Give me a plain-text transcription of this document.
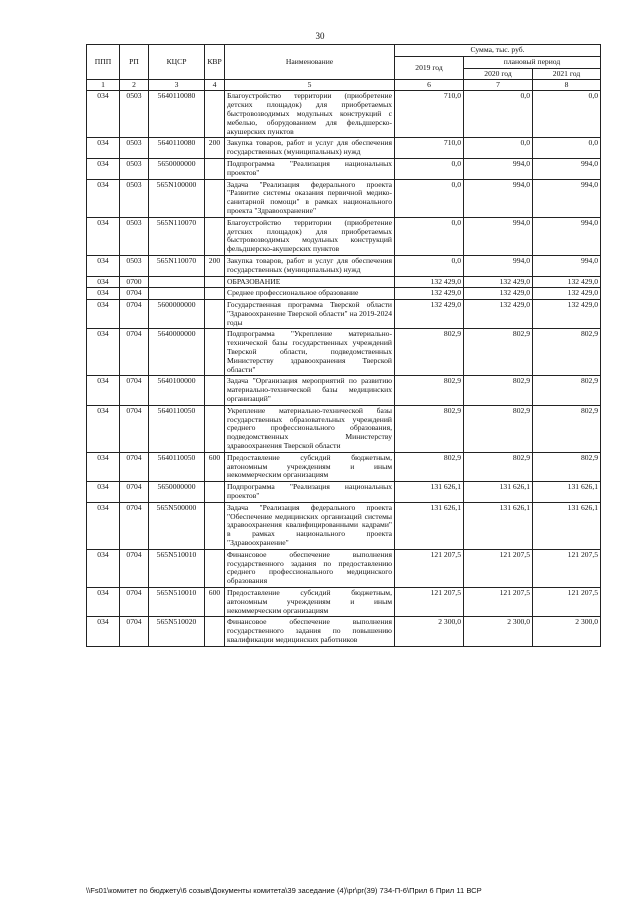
30
ППП	РП	КЦСР	КВР	Наименование	Сумма, тыс. руб.		
					2019 год	плановый период	
						2020 год	2021 год
1	2	3	4	5	6	7	8
034	0503	5640110080		Благоустройство территории (приобретение детских площадок) для приобретаемых быстровозводимых модульных конструкций с мебелью, оборудованием для фельдшерско-акушерских пунктов	710,0	0,0	0,0
034	0503	5640110080	200	Закупка товаров, работ и услуг для обеспечения государственных (муниципальных) нужд	710,0	0,0	0,0
034	0503	5650000000		Подпрограмма "Реализация национальных проектов"	0,0	994,0	994,0
034	0503	565N100000		Задача "Реализация федерального проекта "Развитие системы оказания первичной медико-санитарной помощи" в рамках национального проекта "Здравоохранение"	0,0	994,0	994,0
034	0503	565N110070		Благоустройство территории (приобретение детских площадок) для приобретаемых быстровозводимых модульных конструкций фельдшерско-акушерских пунктов	0,0	994,0	994,0
034	0503	565N110070	200	Закупка товаров, работ и услуг для обеспечения государственных (муниципальных) нужд	0,0	994,0	994,0
034	0700			ОБРАЗОВАНИЕ	132 429,0	132 429,0	132 429,0
034	0704			Среднее профессиональное образование	132 429,0	132 429,0	132 429,0
034	0704	5600000000		Государственная программа Тверской области "Здравоохранение Тверской области" на 2019-2024 годы	132 429,0	132 429,0	132 429,0
034	0704	5640000000		Подпрограмма "Укрепление материально-технической базы государственных учреждений Тверской области, подведомственных Министерству здравоохранения Тверской области"	802,9	802,9	802,9
034	0704	5640100000		Задача "Организация мероприятий по развитию материально-технической базы медицинских организаций"	802,9	802,9	802,9
034	0704	5640110050		Укрепление материально-технической базы государственных образовательных учреждений среднего профессионального образования, подведомственных Министерству здравоохранения Тверской области	802,9	802,9	802,9
034	0704	5640110050	600	Предоставление субсидий бюджетным, автономным учреждениям и иным некоммерческим организациям	802,9	802,9	802,9
034	0704	5650000000		Подпрограмма "Реализация национальных проектов"	131 626,1	131 626,1	131 626,1
034	0704	565N500000		Задача "Реализация федерального проекта "Обеспечение медицинских организаций системы здравоохранения квалифицированными кадрами" в рамках национального проекта "Здравоохранение"	131 626,1	131 626,1	131 626,1
034	0704	565N510010		Финансовое обеспечение выполнения государственного задания по предоставлению среднего профессионального медицинского образования	121 207,5	121 207,5	121 207,5
034	0704	565N510010	600	Предоставление субсидий бюджетным, автономным учреждениям и иным некоммерческим организациям	121 207,5	121 207,5	121 207,5
034	0704	565N510020		Финансовое обеспечение выполнения государственного задания по повышению квалификации медицинских работников	2 300,0	2 300,0	2 300,0
\\Fs01\комитет по бюджету\6 созыв\Документы комитета\39 заседание (4)\pr\pr(39) 734-П-6\Прил 6 Прил 11 ВСР
